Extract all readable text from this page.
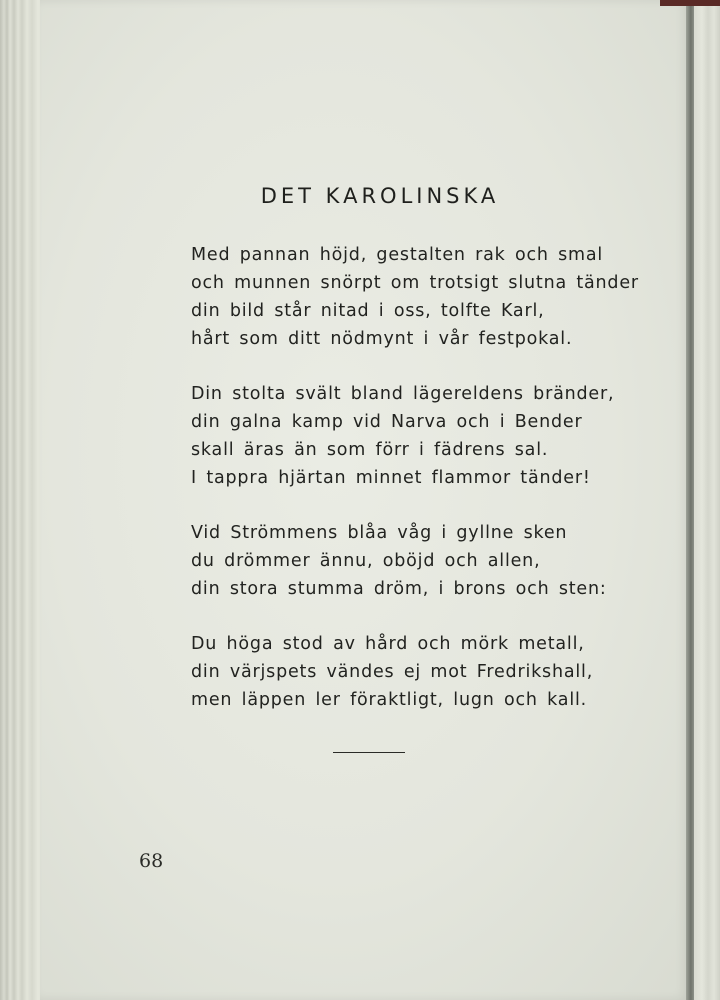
DET KAROLINSKA
Med pannan höjd, gestalten rak och smal
och munnen snörpt om trotsigt slutna tänder
din bild står nitad i oss, tolfte Karl,
hårt som ditt nödmynt i vår festpokal.
Din stolta svält bland lägereldens bränder,
din galna kamp vid Narva och i Bender
skall äras än som förr i fädrens sal.
I tappra hjärtan minnet flammor tänder!
Vid Strömmens blåa våg i gyllne sken
du drömmer ännu, oböjd och allen,
din stora stumma dröm, i brons och sten:
Du höga stod av hård och mörk metall,
din värjspets vändes ej mot Fredrikshall,
men läppen ler föraktligt, lugn och kall.
68
